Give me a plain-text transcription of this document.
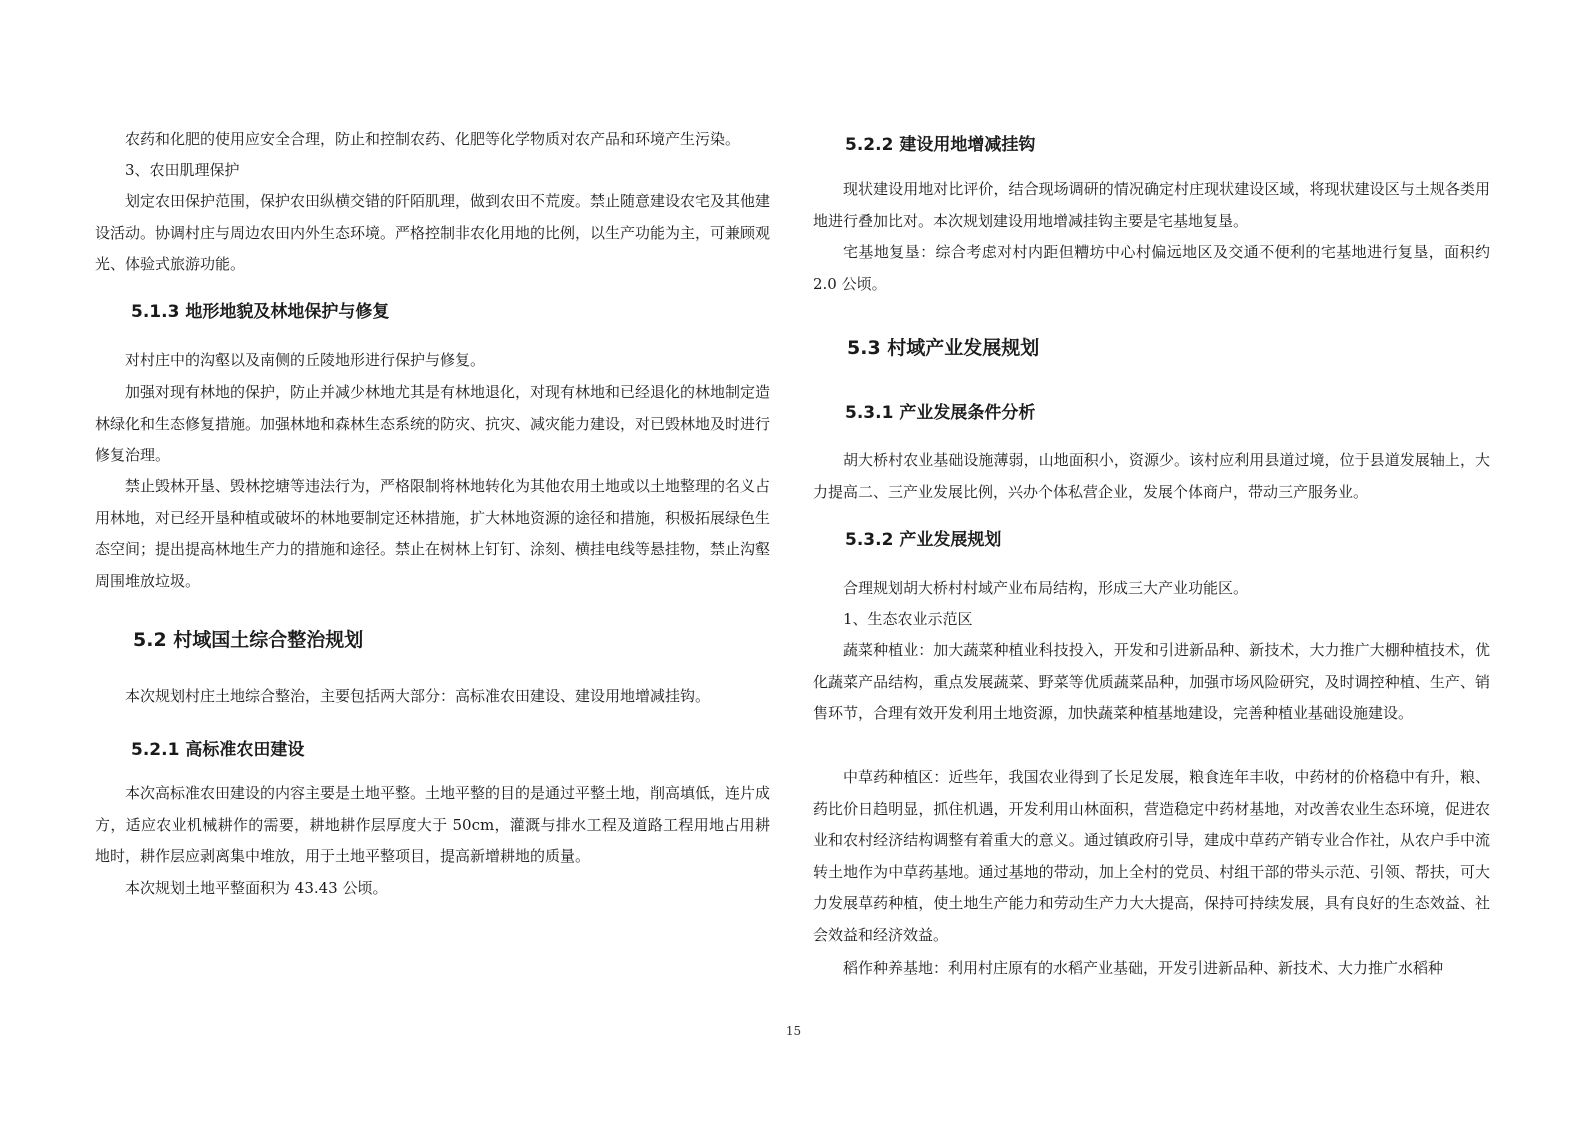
农药和化肥的使用应安全合理，防止和控制农药、化肥等化学物质对农产品和环境产生污染。

3、农田肌理保护

划定农田保护范围，保护农田纵横交错的阡陌肌理，做到农田不荒废。禁止随意建设农宅及其他建设活动。协调村庄与周边农田内外生态环境。严格控制非农化用地的比例，以生产功能为主，可兼顾观光、体验式旅游功能。

5.1.3 地形地貌及林地保护与修复

对村庄中的沟壑以及南侧的丘陵地形进行保护与修复。

加强对现有林地的保护，防止并减少林地尤其是有林地退化，对现有林地和已经退化的林地制定造林绿化和生态修复措施。加强林地和森林生态系统的防灾、抗灾、减灾能力建设，对已毁林地及时进行修复治理。

禁止毁林开垦、毁林挖塘等违法行为，严格限制将林地转化为其他农用土地或以土地整理的名义占用林地，对已经开垦种植或破坏的林地要制定还林措施，扩大林地资源的途径和措施，积极拓展绿色生态空间；提出提高林地生产力的措施和途径。禁止在树林上钉钉、涂刻、横挂电线等悬挂物，禁止沟壑周围堆放垃圾。

5.2 村域国土综合整治规划

本次规划村庄土地综合整治，主要包括两大部分：高标准农田建设、建设用地增减挂钩。

5.2.1 高标准农田建设

本次高标准农田建设的内容主要是土地平整。土地平整的目的是通过平整土地，削高填低，连片成方，适应农业机械耕作的需要，耕地耕作层厚度大于 50cm，灌溉与排水工程及道路工程用地占用耕地时，耕作层应剥离集中堆放，用于土地平整项目，提高新增耕地的质量。

本次规划土地平整面积为 43.43 公顷。

5.2.2 建设用地增减挂钩

现状建设用地对比评价，结合现场调研的情况确定村庄现状建设区域，将现状建设区与土规各类用地进行叠加比对。本次规划建设用地增减挂钩主要是宅基地复垦。

宅基地复垦：综合考虑对村内距但糟坊中心村偏远地区及交通不便利的宅基地进行复垦，面积约 2.0 公顷。

5.3 村域产业发展规划
5.3.1 产业发展条件分析

胡大桥村农业基础设施薄弱，山地面积小，资源少。该村应利用县道过境，位于县道发展轴上，大力提高二、三产业发展比例，兴办个体私营企业，发展个体商户，带动三产服务业。

5.3.2 产业发展规划

合理规划胡大桥村村域产业布局结构，形成三大产业功能区。

1、生态农业示范区

蔬菜种植业：加大蔬菜种植业科技投入，开发和引进新品种、新技术，大力推广大棚种植技术，优化蔬菜产品结构，重点发展蔬菜、野菜等优质蔬菜品种，加强市场风险研究，及时调控种植、生产、销售环节，合理有效开发利用土地资源，加快蔬菜种植基地建设，完善种植业基础设施建设。

中草药种植区：近些年，我国农业得到了长足发展，粮食连年丰收，中药材的价格稳中有升，粮、药比价日趋明显，抓住机遇，开发利用山林面积，营造稳定中药材基地，对改善农业生态环境，促进农业和农村经济结构调整有着重大的意义。通过镇政府引导，建成中草药产销专业合作社，从农户手中流转土地作为中草药基地。通过基地的带动，加上全村的党员、村组干部的带头示范、引领、帮扶，可大力发展草药种植，使土地生产能力和劳动生产力大大提高，保持可持续发展，具有良好的生态效益、社会效益和经济效益。

稻作种养基地：利用村庄原有的水稻产业基础，开发引进新品种、新技术、大力推广水稻种

15
